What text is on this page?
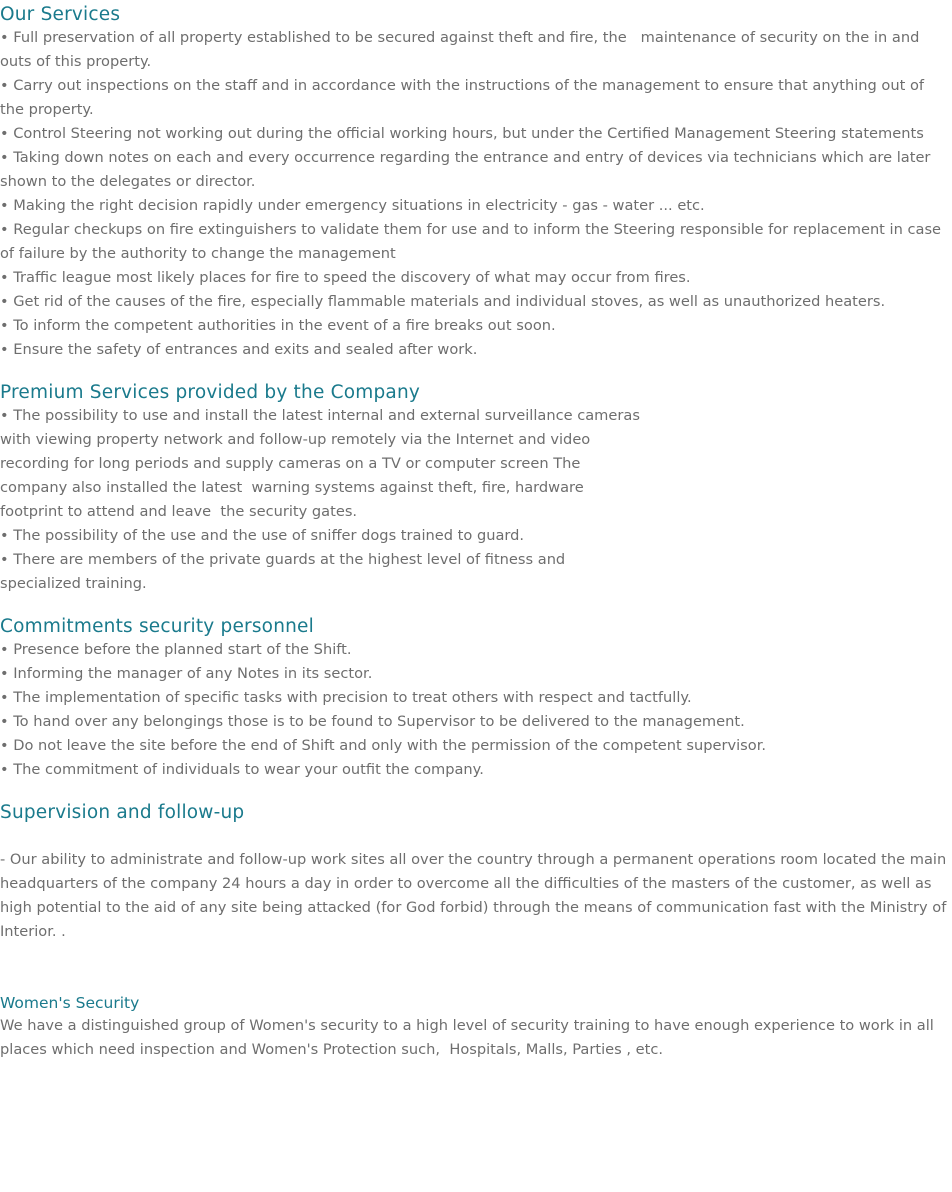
Our Services

• Full preservation of all property established to be secured against theft and fire, the   maintenance of security on the in and outs of this property.

• Carry out inspections on the staff and in accordance with the instructions of the management to ensure that anything out of the property.

• Control Steering not working out during the official working hours, but under the Certified Management Steering statements

• Taking down notes on each and every occurrence regarding the entrance and entry of devices via technicians which are later shown to the delegates or director.

• Making the right decision rapidly under emergency situations in electricity - gas - water ... etc.

• Regular checkups on fire extinguishers to validate them for use and to inform the Steering responsible for replacement in case of failure by the authority to change the management

• Traffic league most likely places for fire to speed the discovery of what may occur from fires.

• Get rid of the causes of the fire, especially flammable materials and individual stoves, as well as unauthorized heaters.

• To inform the competent authorities in the event of a fire breaks out soon.

• Ensure the safety of entrances and exits and sealed after work.

Premium Services provided by the Company

• The possibility to use and install the latest internal and external surveillance cameras with viewing property network and follow-up remotely via the Internet and video recording for long periods and supply cameras on a TV or computer screen The company also installed the latest  warning systems against theft, fire, hardware footprint to attend and leave  the security gates.

• The possibility of the use and the use of sniffer dogs trained to guard.

• There are members of the private guards at the highest level of fitness and specialized training.

Commitments security personnel

• Presence before the planned start of the Shift.

• Informing the manager of any Notes in its sector.

• The implementation of specific tasks with precision to treat others with respect and tactfully.

• To hand over any belongings those is to be found to Supervisor to be delivered to the management.

• Do not leave the site before the end of Shift and only with the permission of the competent supervisor.

• The commitment of individuals to wear your outfit the company.

Supervision and follow-up

- Our ability to administrate and follow-up work sites all over the country through a permanent operations room located the main headquarters of the company 24 hours a day in order to overcome all the difficulties of the masters of the customer, as well as high potential to the aid of any site being attacked (for God forbid) through the means of communication fast with the Ministry of Interior. .

Women's Security

We have a distinguished group of Women's security to a high level of security training to have enough experience to work in all places which need inspection and Women's Protection such,  Hospitals, Malls, Parties , etc.
